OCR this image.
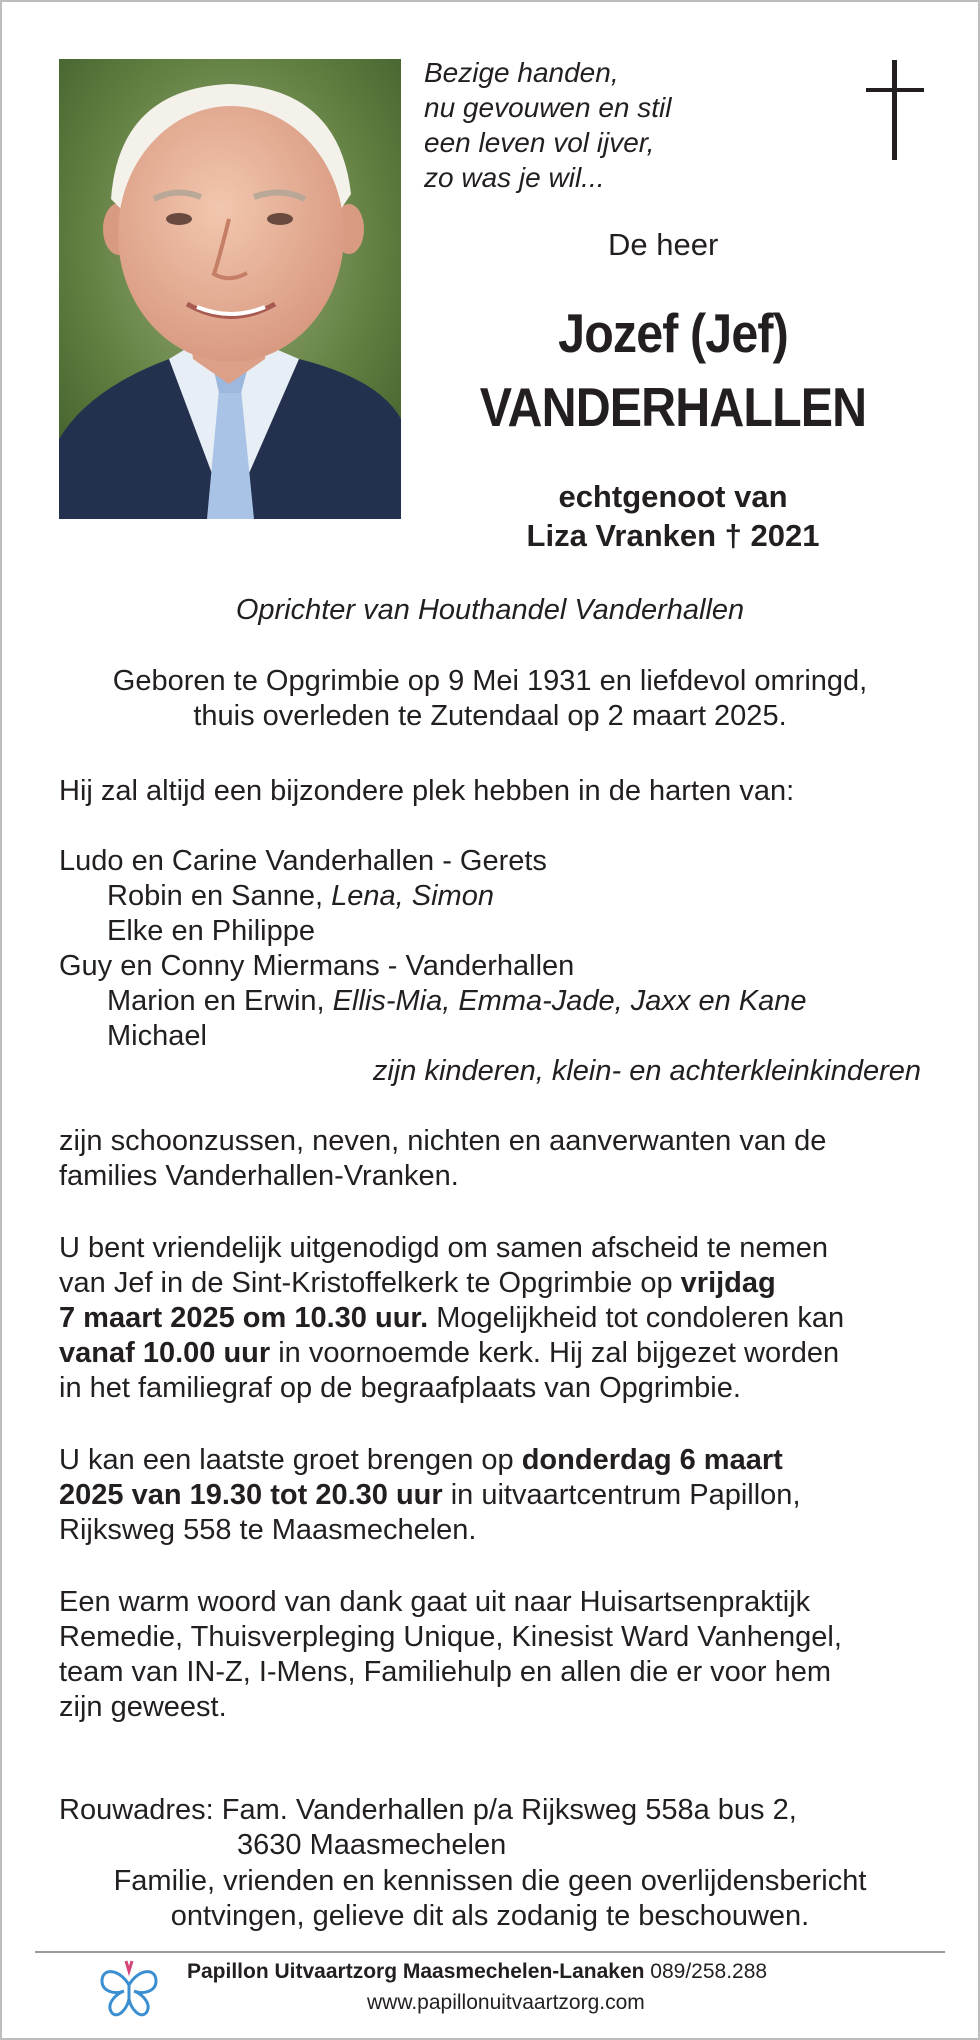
Bezige handen,
nu gevouwen en stil
een leven vol ijver,
zo was je wil...
De heer
Jozef (Jef)
VANDERHALLEN
echtgenoot van
Liza Vranken † 2021
Oprichter van Houthandel Vanderhallen
Geboren te Opgrimbie op 9 Mei 1931 en liefdevol omringd,
thuis overleden te Zutendaal op 2 maart 2025.
Hij zal altijd een bijzondere plek hebben in de harten van:
Ludo en Carine Vanderhallen - Gerets
Robin en Sanne, Lena, Simon
Elke en Philippe
Guy en Conny Miermans - Vanderhallen
Marion en Erwin, Ellis-Mia, Emma-Jade, Jaxx en Kane
Michael
zijn kinderen, klein- en achterkleinkinderen
zijn schoonzussen, neven, nichten en aanverwanten van de
families Vanderhallen-Vranken.
U bent vriendelijk uitgenodigd om samen afscheid te nemen
van Jef in de Sint-Kristoffelkerk te Opgrimbie op vrijdag
7 maart 2025 om 10.30 uur. Mogelijkheid tot condoleren kan
vanaf 10.00 uur in voornoemde kerk. Hij zal bijgezet worden
in het familiegraf op de begraafplaats van Opgrimbie.
U kan een laatste groet brengen op donderdag 6 maart
2025 van 19.30 tot 20.30 uur in uitvaartcentrum Papillon,
Rijksweg 558 te Maasmechelen.
Een warm woord van dank gaat uit naar Huisartsenpraktijk
Remedie, Thuisverpleging Unique, Kinesist Ward Vanhengel,
team van IN-Z, I-Mens, Familiehulp en allen die er voor hem
zijn geweest.
Rouwadres: Fam. Vanderhallen p/a Rijksweg 558a bus 2,
3630 Maasmechelen
Familie, vrienden en kennissen die geen overlijdensbericht
ontvingen, gelieve dit als zodanig te beschouwen.
Papillon Uitvaartzorg Maasmechelen-Lanaken 089/258.288
www.papillonuitvaartzorg.com
